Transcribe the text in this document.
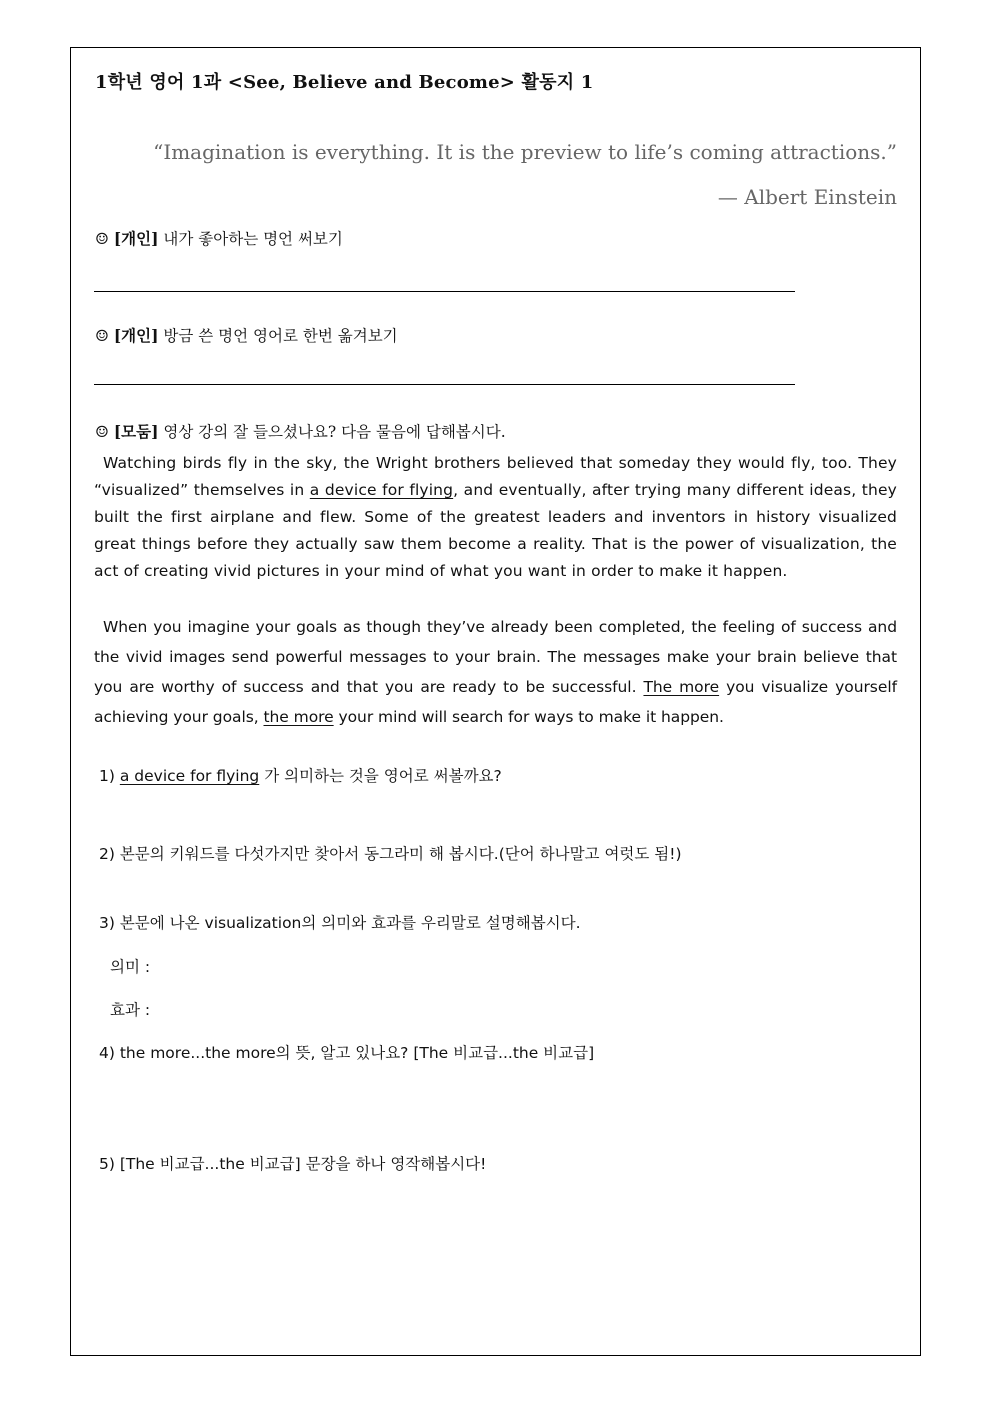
1학년 영어 1과 <See, Believe and Become> 활동지 1
“Imagination is everything. It is the preview to life’s coming attractions.”
— Albert Einstein
☺ [개인] 내가 좋아하는 명언 써보기
☺ [개인] 방금 쓴 명언 영어로 한번 옮겨보기
☺ [모둠] 영상 강의 잘 들으셨나요? 다음 물음에 답해봅시다.

Watching birds fly in the sky, the Wright brothers believed that someday they would fly, too. They “visualized” themselves in a device for flying, and eventually, after trying many different ideas, they built the first airplane and flew. Some of the greatest leaders and inventors in history visualized great things before they actually saw them become a reality. That is the power of visualization, the act of creating vivid pictures in your mind of what you want in order to make it happen.

When you imagine your goals as though they’ve already been completed, the feeling of success and the vivid images send powerful messages to your brain. The messages make your brain believe that you are worthy of success and that you are ready to be successful. The more you visualize yourself achieving your goals, the more your mind will search for ways to make it happen.

1) a device for flying 가 의미하는 것을 영어로 써볼까요?
2) 본문의 키워드를 다섯가지만 찾아서 동그라미 해 봅시다.(단어 하나말고 여럿도 됨!)
3) 본문에 나온 visualization의 의미와 효과를 우리말로 설명해봅시다.
의미 :
효과 :
4) the more...the more의 뜻, 알고 있나요? [The 비교급...the 비교급]
5) [The 비교급...the 비교급] 문장을 하나 영작해봅시다!
